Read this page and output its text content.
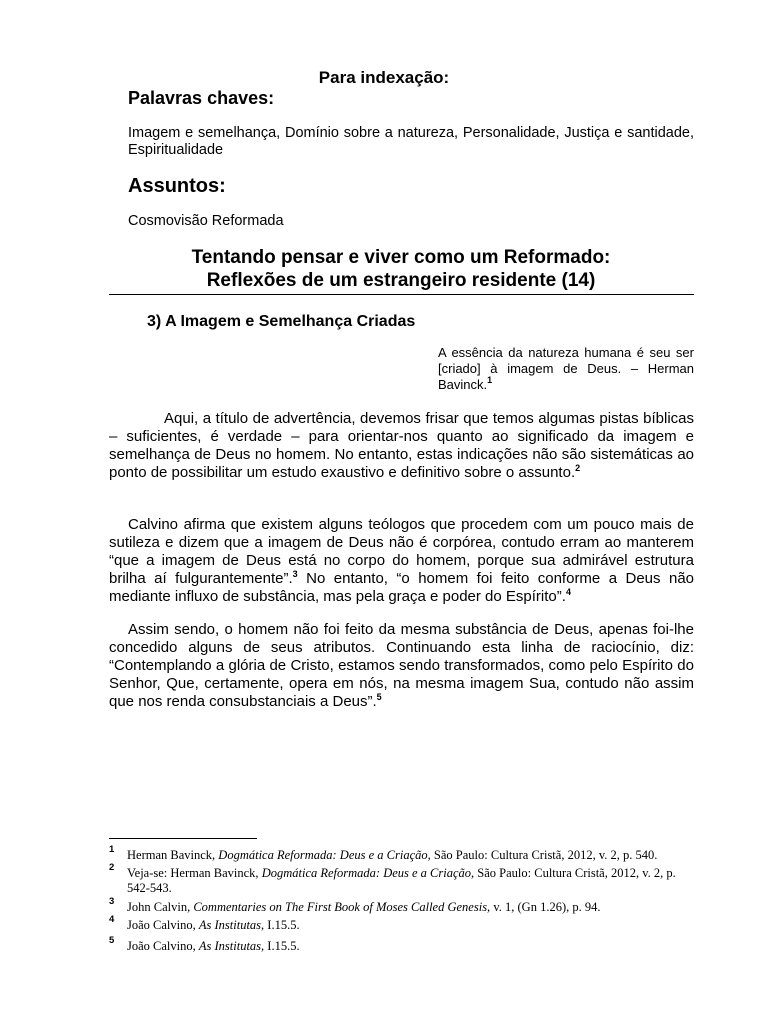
Para indexação:
Palavras chaves:
Imagem e semelhança, Domínio sobre a natureza, Personalidade, Justiça e santidade, Espiritualidade
Assuntos:
Cosmovisão Reformada
Tentando pensar e viver como um Reformado:
Reflexões de um estrangeiro residente (14)
3) A Imagem e Semelhança Criadas
A essência da natureza humana é seu ser [criado] à imagem de Deus. – Herman Bavinck.$^1$

Aqui, a título de advertência, devemos frisar que temos algumas pistas bíblicas – suficientes, é verdade – para orientar-nos quanto ao significado da imagem e semelhança de Deus no homem. No entanto, estas indicações não são sistemáticas ao ponto de possibilitar um estudo exaustivo e definitivo sobre o assunto.$^2$

Calvino afirma que existem alguns teólogos que procedem com um pouco mais de sutileza e dizem que a imagem de Deus não é corpórea, contudo erram ao manterem “que a imagem de Deus está no corpo do homem, porque sua admirável estrutura brilha aí fulgurantemente”.$^3$ No entanto, “o homem foi feito conforme a Deus não mediante influxo de substância, mas pela graça e poder do Espírito”.$^4$

Assim sendo, o homem não foi feito da mesma substância de Deus, apenas foi-lhe concedido alguns de seus atributos. Continuando esta linha de raciocínio, diz: “Contemplando a glória de Cristo, estamos sendo transformados, como pelo Espírito do Senhor, Que, certamente, opera em nós, na mesma imagem Sua, contudo não assim que nos renda consubstanciais a Deus”.$^5$

1	Herman Bavinck, Dogmática Reformada: Deus e a Criação, São Paulo: Cultura Cristã, 2012, v. 2, p. 540.
2	Veja-se: Herman Bavinck, Dogmática Reformada: Deus e a Criação, São Paulo: Cultura Cristã, 2012, v. 2, p. 542-543.
3	John Calvin, Commentaries on The First Book of Moses Called Genesis, v. 1, (Gn 1.26), p. 94.
4	João Calvino, As Institutas, I.15.5.
5	João Calvino, As Institutas, I.15.5.
